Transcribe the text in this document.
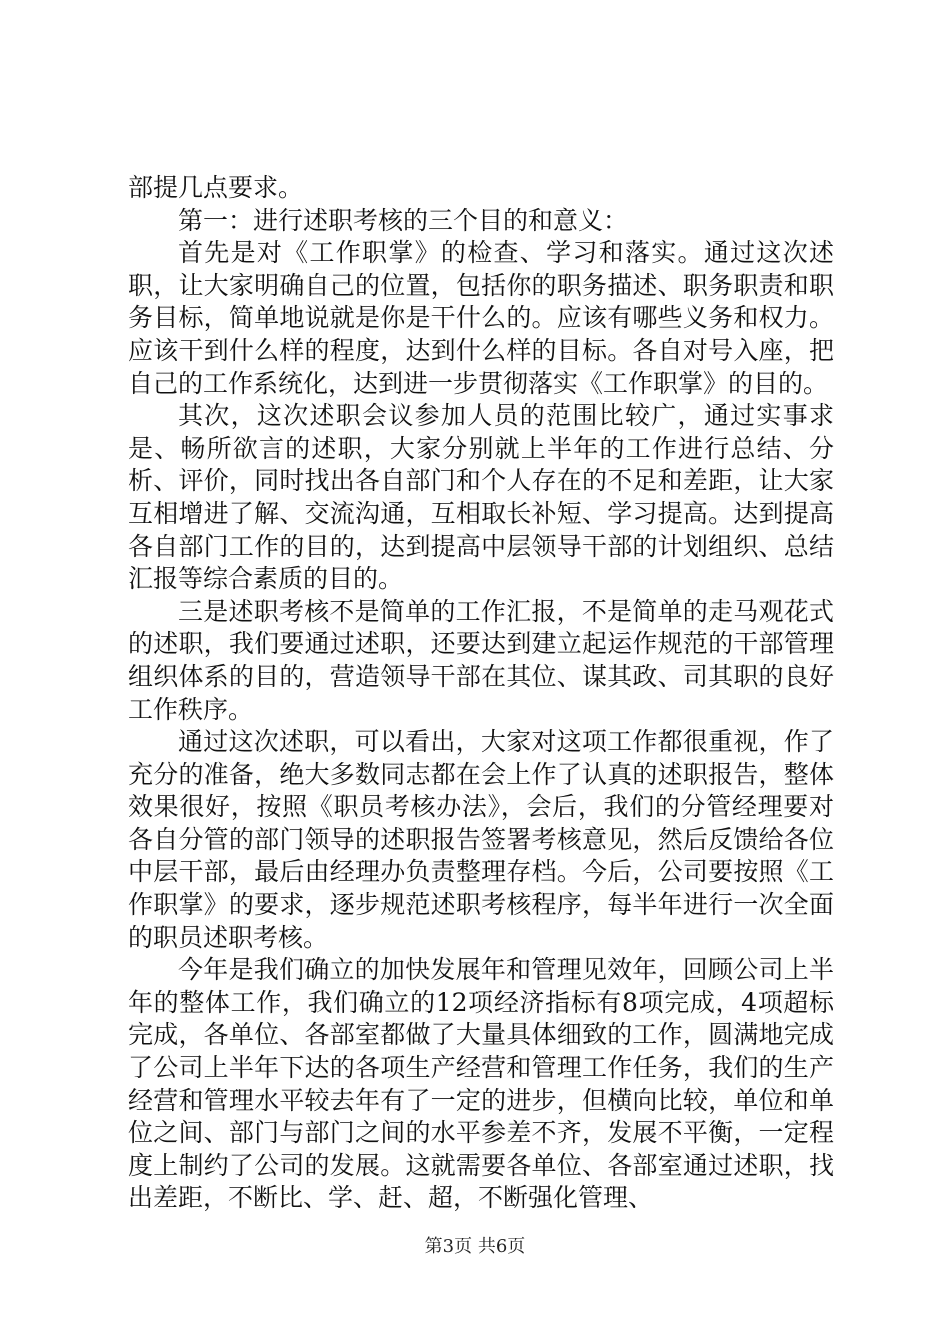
部提几点要求。

第一：进行述职考核的三个目的和意义：

首先是对《工作职掌》的检查、学习和落实。通过这次述职，让大家明确自己的位置，包括你的职务描述、职务职责和职务目标，简单地说就是你是干什么的。应该有哪些义务和权力。应该干到什么样的程度，达到什么样的目标。各自对号入座，把自己的工作系统化，达到进一步贯彻落实《工作职掌》的目的。

其次，这次述职会议参加人员的范围比较广，通过实事求是、畅所欲言的述职，大家分别就上半年的工作进行总结、分析、评价，同时找出各自部门和个人存在的不足和差距，让大家互相增进了解、交流沟通，互相取长补短、学习提高。达到提高各自部门工作的目的，达到提高中层领导干部的计划组织、总结汇报等综合素质的目的。

三是述职考核不是简单的工作汇报，不是简单的走马观花式的述职，我们要通过述职，还要达到建立起运作规范的干部管理组织体系的目的，营造领导干部在其位、谋其政、司其职的良好工作秩序。

通过这次述职，可以看出，大家对这项工作都很重视，作了充分的准备，绝大多数同志都在会上作了认真的述职报告，整体效果很好，按照《职员考核办法》，会后，我们的分管经理要对各自分管的部门领导的述职报告签署考核意见，然后反馈给各位中层干部，最后由经理办负责整理存档。今后，公司要按照《工作职掌》的要求，逐步规范述职考核程序，每半年进行一次全面的职员述职考核。

今年是我们确立的加快发展年和管理见效年，回顾公司上半年的整体工作，我们确立的12项经济指标有8项完成，4项超标完成，各单位、各部室都做了大量具体细致的工作，圆满地完成了公司上半年下达的各项生产经营和管理工作任务，我们的生产经营和管理水平较去年有了一定的进步，但横向比较，单位和单位之间、部门与部门之间的水平参差不齐，发展不平衡，一定程度上制约了公司的发展。这就需要各单位、各部室通过述职，找出差距，不断比、学、赶、超，不断强化管理、

第3页 共6页
